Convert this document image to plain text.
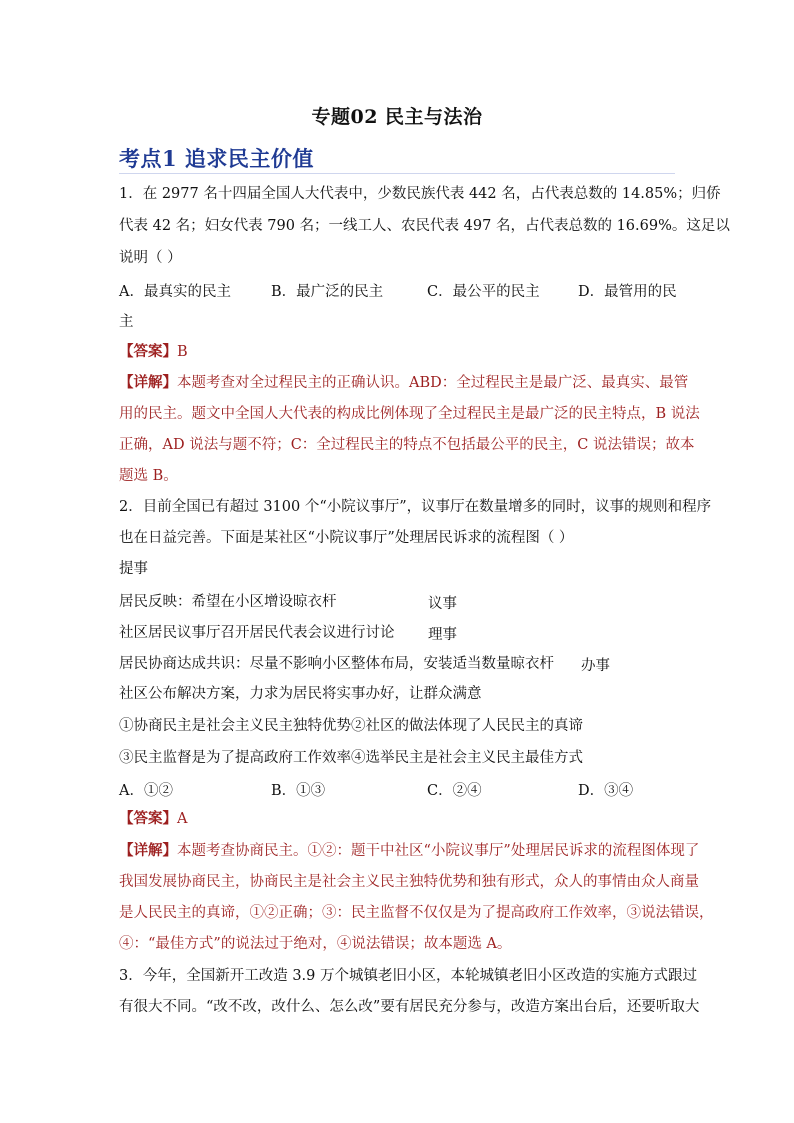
专题02 民主与法治
考点1 追求民主价值
1．在 2977 名十四届全国人大代表中，少数民族代表 442 名，占代表总数的 14.85%；归侨
代表 42 名；妇女代表 790 名；一线工人、农民代表 497 名，占代表总数的 16.69%。这足以
说明（ ）
A．最真实的民主	B．最广泛的民主	C．最公平的民主	D．最管用的民
主
【答案】B
【详解】本题考查对全过程民主的正确认识。ABD：全过程民主是最广泛、最真实、最管
用的民主。题文中全国人大代表的构成比例体现了全过程民主是最广泛的民主特点，B 说法
正确，AD 说法与题不符；C：全过程民主的特点不包括最公平的民主，C 说法错误；故本
题选 B。
2．目前全国已有超过 3100 个“小院议事厅”，议事厅在数量增多的同时，议事的规则和程序
也在日益完善。下面是某社区“小院议事厅”处理居民诉求的流程图（ ）
提事
居民反映：希望在小区增设晾衣杆	议事
社区居民议事厅召开居民代表会议进行讨论 理事
居民协商达成共识：尽量不影响小区整体布局，安装适当数量晾衣杆 办事
社区公布解决方案，力求为居民将实事办好，让群众满意
①协商民主是社会主义民主独特优势②社区的做法体现了人民民主的真谛
③民主监督是为了提高政府工作效率④选举民主是社会主义民主最佳方式
A．①②	B．①③	C．②④	D．③④
【答案】A
【详解】本题考查协商民主。①②：题干中社区“小院议事厅”处理居民诉求的流程图体现了
我国发展协商民主，协商民主是社会主义民主独特优势和独有形式，众人的事情由众人商量
是人民民主的真谛，①②正确；③：民主监督不仅仅是为了提高政府工作效率，③说法错误，
④：“最佳方式”的说法过于绝对，④说法错误；故本题选 A。
3．今年，全国新开工改造 3.9 万个城镇老旧小区，本轮城镇老旧小区改造的实施方式跟过
有很大不同。“改不改，改什么、怎么改”要有居民充分参与，改造方案出台后，还要听取大
